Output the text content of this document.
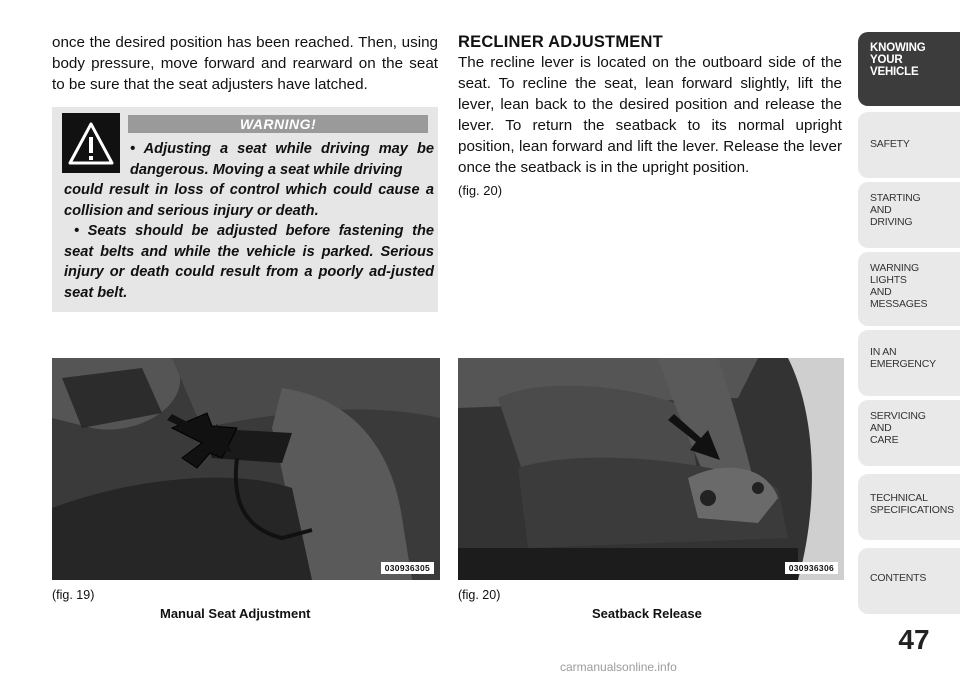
once the desired position has been reached. Then, using body pressure, move forward and rearward on the seat to be sure that the seat adjusters have latched.
WARNING!

• Adjusting a seat while driving may be dangerous. Moving a seat while driving

could result in loss of control which could cause a collision and serious injury or death.

• Seats should be adjusted before fastening the seat belts and while the vehicle is parked. Serious injury or death could result from a poorly ad-justed seat belt.

RECLINER ADJUSTMENT
The recline lever is located on the outboard side of the seat. To recline the seat, lean forward slightly, lift the lever, lean back to the desired position and release the lever. To return the seatback to its normal upright position, lean forward and lift the lever. Release the lever once the seatback is in the upright position.
(fig. 20)
030936305
(fig. 19)
Manual Seat Adjustment
030936306
(fig. 20)
Seatback Release
KNOWING
YOUR
VEHICLE
SAFETY
STARTING
AND
DRIVING
WARNING
LIGHTS
AND
MESSAGES
IN AN
EMERGENCY
SERVICING
AND
CARE
TECHNICAL
SPECIFICATIONS
CONTENTS
47
carmanualsonline.info
